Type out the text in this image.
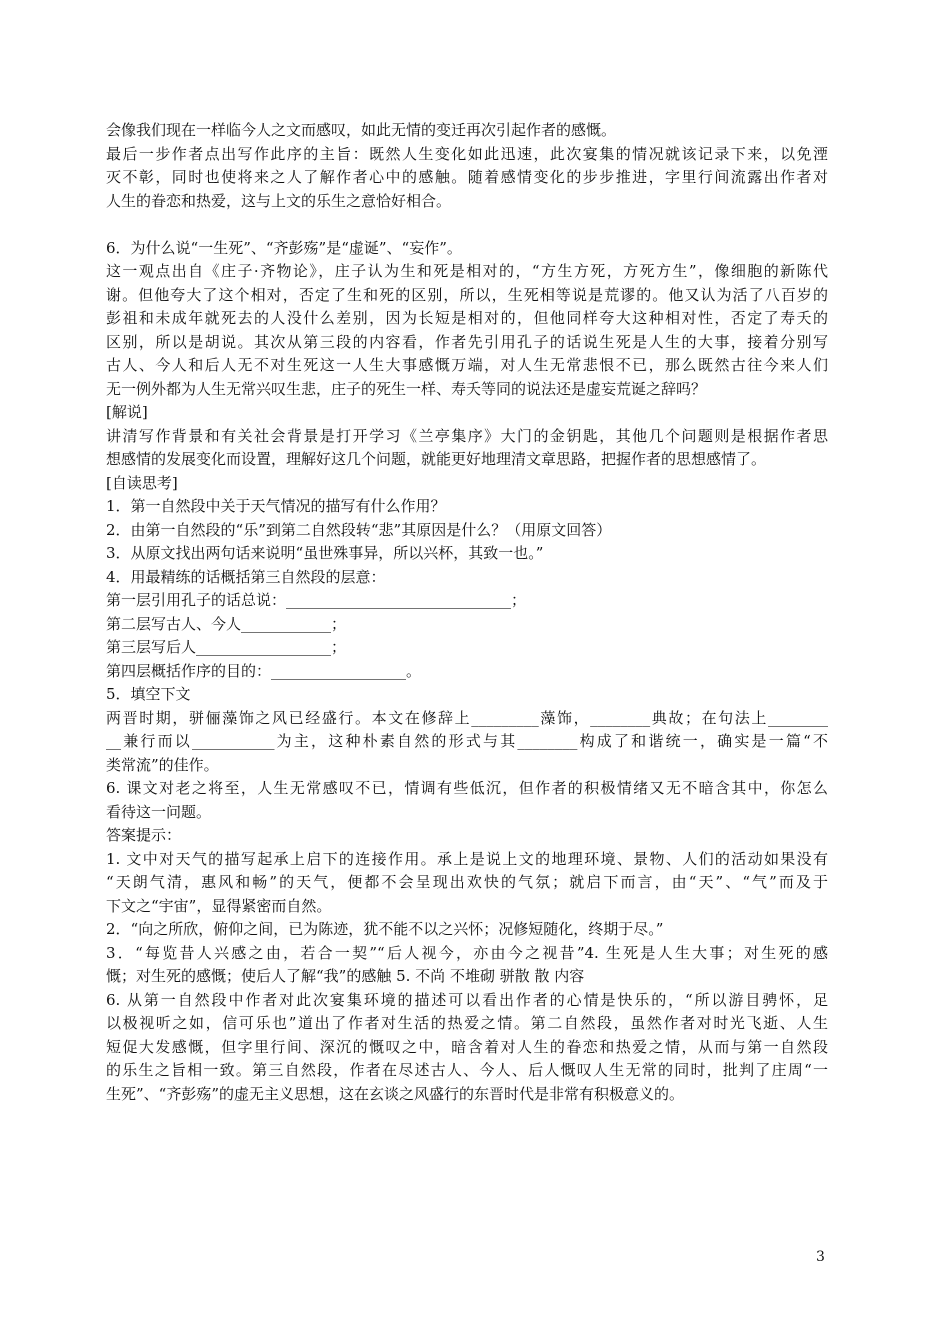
会像我们现在一样临今人之文而感叹，如此无情的变迁再次引起作者的感慨。
最后一步作者点出写作此序的主旨：既然人生变化如此迅速，此次宴集的情况就该记录下来，以免湮
灭不彰，同时也使将来之人了解作者心中的感触。随着感情变化的步步推进，字里行间流露出作者对
人生的眷恋和热爱，这与上文的乐生之意恰好相合。
6．为什么说“一生死”、“齐彭殇”是“虚诞”、“妄作”。
这一观点出自《庄子·齐物论》，庄子认为生和死是相对的，“方生方死，方死方生”，像细胞的新陈代
谢。但他夸大了这个相对，否定了生和死的区别，所以，生死相等说是荒谬的。他又认为活了八百岁的
彭祖和未成年就死去的人没什么差别，因为长短是相对的，但他同样夸大这种相对性，否定了寿夭的
区别，所以是胡说。其次从第三段的内容看，作者先引用孔子的话说生死是人生的大事，接着分别写
古人、今人和后人无不对生死这一人生大事感慨万端，对人生无常悲恨不已，那么既然古往今来人们
无一例外都为人生无常兴叹生悲，庄子的死生一样、寿夭等同的说法还是虚妄荒诞之辞吗？
[解说]
讲清写作背景和有关社会背景是打开学习《兰亭集序》大门的金钥匙，其他几个问题则是根据作者思
想感情的发展变化而设置，理解好这几个问题，就能更好地理清文章思路，把握作者的思想感情了。
[自读思考]
1．第一自然段中关于天气情况的描写有什么作用？
2．由第一自然段的“乐”到第二自然段转“悲”其原因是什么？（用原文回答）
3．从原文找出两句话来说明“虽世殊事异，所以兴杯，其致一也。”
4．用最精练的话概括第三自然段的层意：
第一层引用孔子的话总说：______________________________；
第二层写古人、今人____________；
第三层写后人__________________；
第四层概括作序的目的：__________________。
5．填空下文
两晋时期，骈俪藻饰之风已经盛行。本文在修辞上_________藻饰，________典故；在句法上________
__兼行而以___________为主，这种朴素自然的形式与其________构成了和谐统一，确实是一篇“不
类常流”的佳作。
6. 课文对老之将至，人生无常感叹不已，情调有些低沉，但作者的积极情绪又无不暗含其中，你怎么
看待这一问题。
答案提示：
1. 文中对天气的描写起承上启下的连接作用。承上是说上文的地理环境、景物、人们的活动如果没有
“天朗气清，惠风和畅”的天气，便都不会呈现出欢快的气氛；就启下而言，由“天”、“气”而及于
下文之“宇宙”，显得紧密而自然。
2．“向之所欣，俯仰之间，已为陈迹，犹不能不以之兴怀；况修短随化，终期于尽。”
3．“每览昔人兴感之由，若合一契”“后人视今，亦由今之视昔”4. 生死是人生大事；对生死的感
慨；对生死的感慨；使后人了解“我”的感触 5. 不尚 不堆砌 骈散 散 内容
6. 从第一自然段中作者对此次宴集环境的描述可以看出作者的心情是快乐的，“所以游目骋怀，足
以极视听之如，信可乐也”道出了作者对生活的热爱之情。第二自然段，虽然作者对时光飞逝、人生
短促大发感慨，但字里行间、深沉的慨叹之中，暗含着对人生的眷恋和热爱之情，从而与第一自然段
的乐生之旨相一致。第三自然段，作者在尽述古人、今人、后人慨叹人生无常的同时，批判了庄周“一
生死”、“齐彭殇”的虚无主义思想，这在玄谈之风盛行的东晋时代是非常有积极意义的。
3
